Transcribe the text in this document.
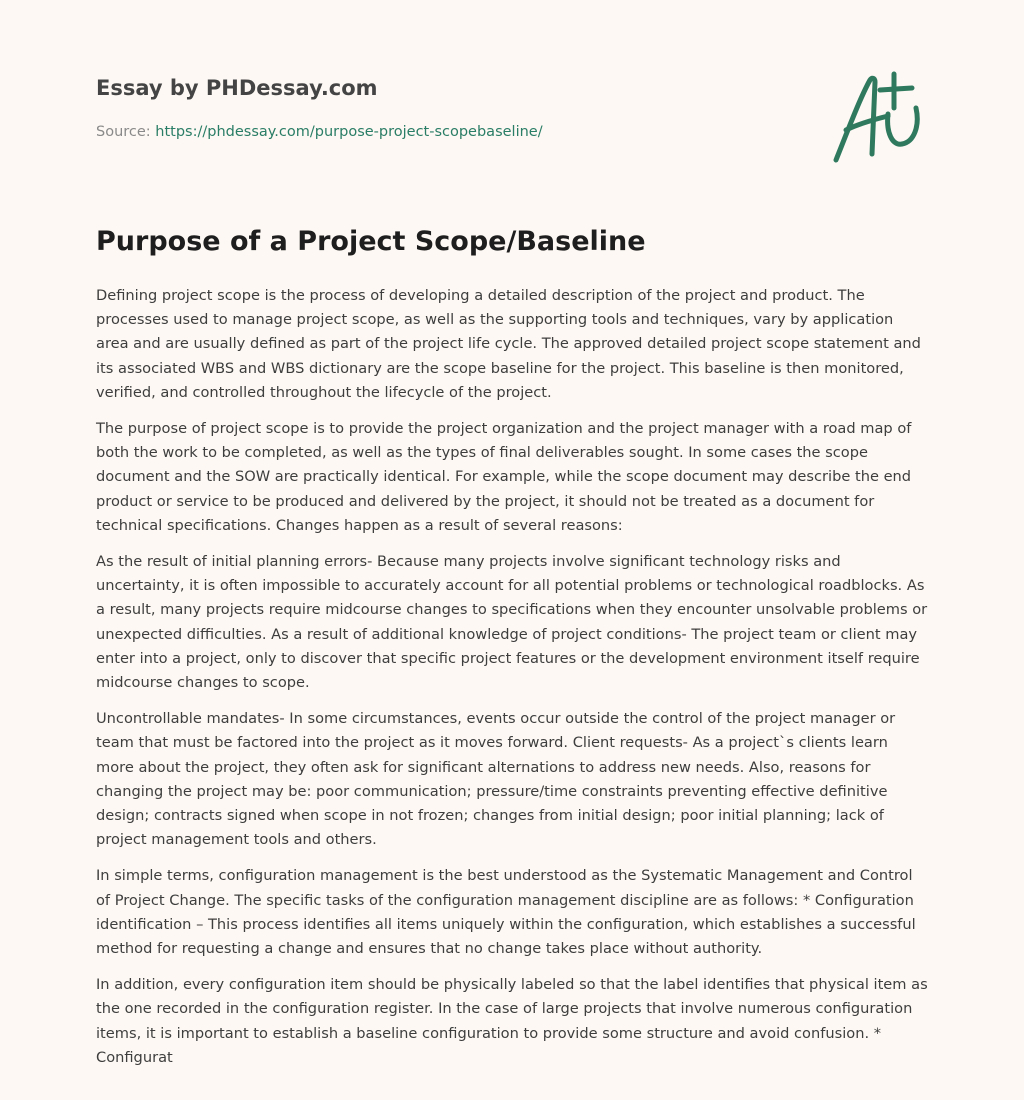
Essay by PHDessay.com
Source: https://phdessay.com/purpose-project-scopebaseline/
Purpose of a Project Scope/Baseline

Defining project scope is the process of developing a detailed description of the project and product. The processes used to manage project scope, as well as the supporting tools and techniques, vary by application area and are usually defined as part of the project life cycle. The approved detailed project scope statement and its associated WBS and WBS dictionary are the scope baseline for the project. This baseline is then monitored, verified, and controlled throughout the lifecycle of the project.

The purpose of project scope is to provide the project organization and the project manager with a road map of both the work to be completed, as well as the types of final deliverables sought. In some cases the scope document and the SOW are practically identical. For example, while the scope document may describe the end product or service to be produced and delivered by the project, it should not be treated as a document for technical specifications. Changes happen as a result of several reasons:

As the result of initial planning errors- Because many projects involve significant technology risks and uncertainty, it is often impossible to accurately account for all potential problems or technological roadblocks. As a result, many projects require midcourse changes to specifications when they encounter unsolvable problems or unexpected difficulties. As a result of additional knowledge of project conditions- The project team or client may enter into a project, only to discover that specific project features or the development environment itself require midcourse changes to scope.

Uncontrollable mandates- In some circumstances, events occur outside the control of the project manager or team that must be factored into the project as it moves forward. Client requests- As a project`s clients learn more about the project, they often ask for significant alternations to address new needs. Also, reasons for changing the project may be: poor communication; pressure/time constraints preventing effective definitive design; contracts signed when scope in not frozen; changes from initial design; poor initial planning; lack of project management tools and others.

In simple terms, configuration management is the best understood as the Systematic Management and Control of Project Change. The specific tasks of the configuration management discipline are as follows: * Configuration identification – This process identifies all items uniquely within the configuration, which establishes a successful method for requesting a change and ensures that no change takes place without authority.

In addition, every configuration item should be physically labeled so that the label identifies that physical item as the one recorded in the configuration register. In the case of large projects that involve numerous configuration items, it is important to establish a baseline configuration to provide some structure and avoid confusion. * Configurat
